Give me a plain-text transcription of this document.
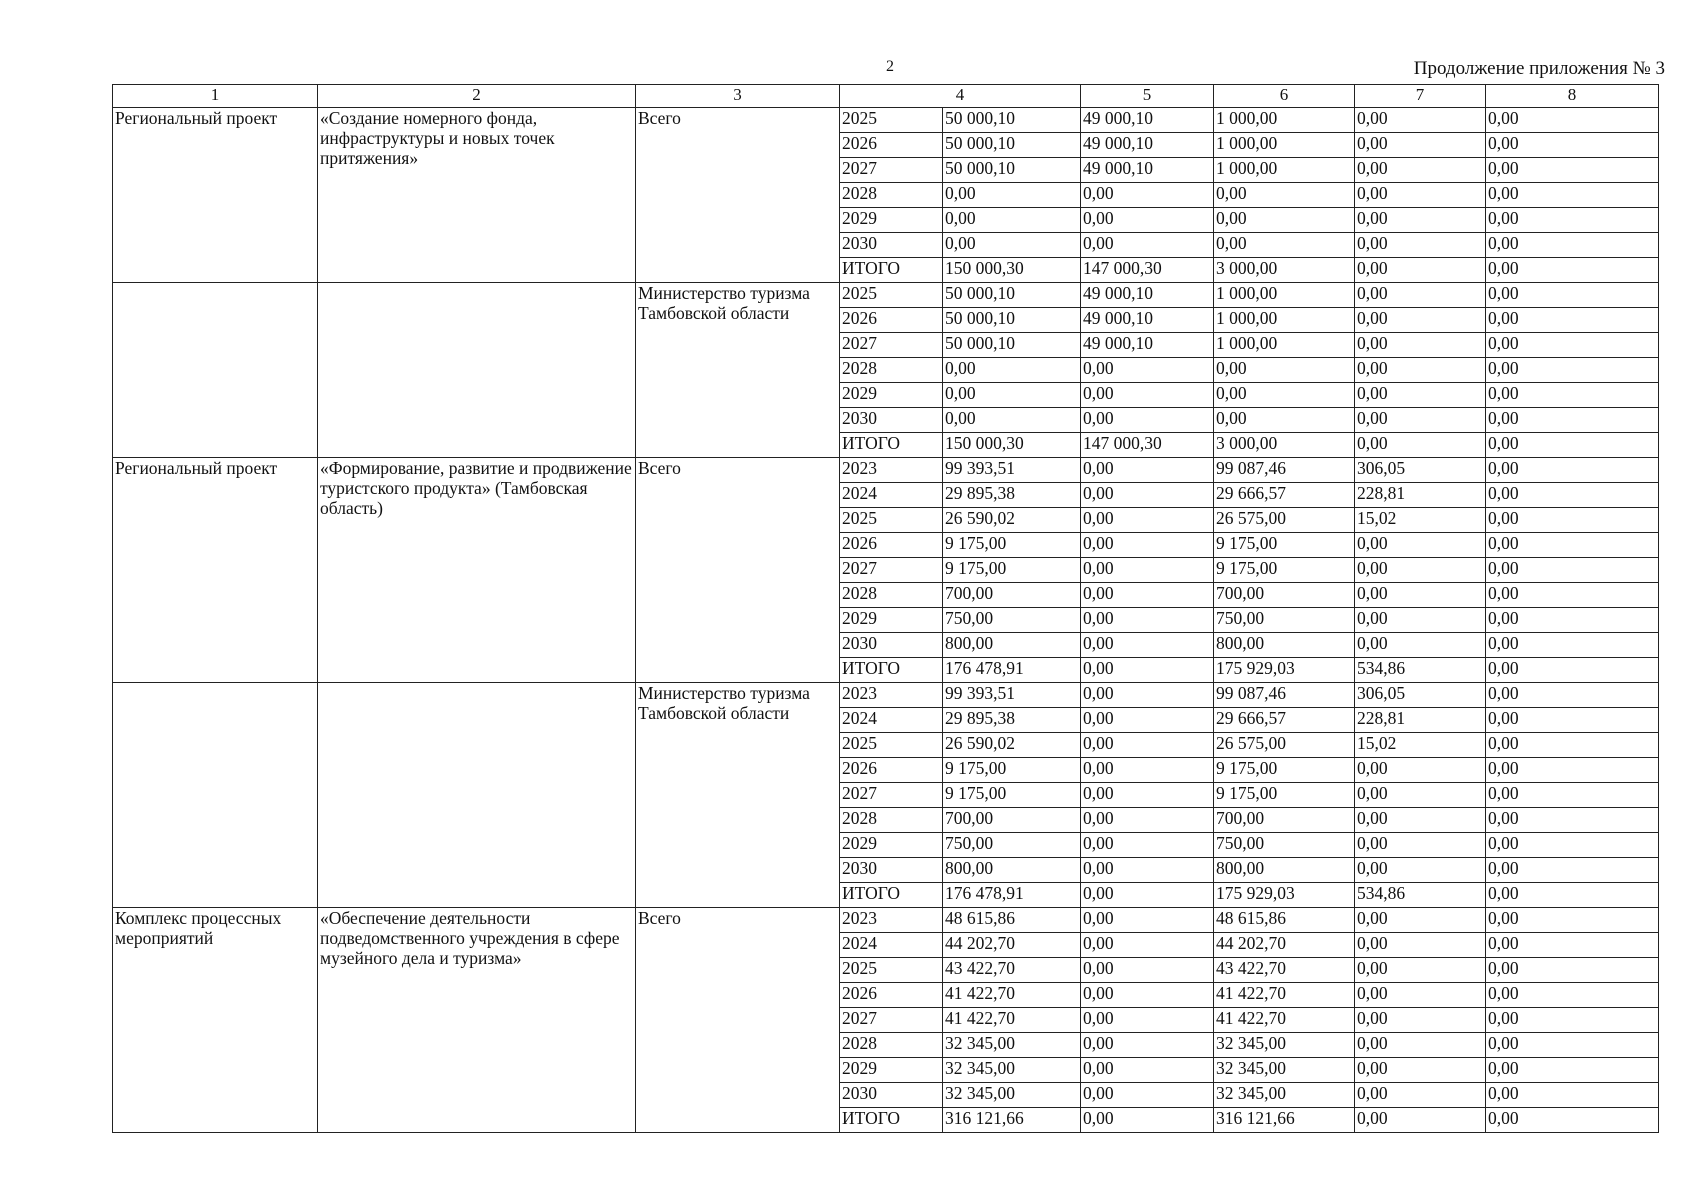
2	Продолжение приложения № 3
1	2	3	4		5	6	7	8
Региональный проект	«Создание номерного фонда, инфраструктуры и новых точек притяжения»	Всего	2025	50 000,10	49 000,10	1 000,00	0,00	0,00
			2026	50 000,10	49 000,10	1 000,00	0,00	0,00
			2027	50 000,10	49 000,10	1 000,00	0,00	0,00
			2028	0,00	0,00	0,00	0,00	0,00
			2029	0,00	0,00	0,00	0,00	0,00
			2030	0,00	0,00	0,00	0,00	0,00
			ИТОГО	150 000,30	147 000,30	3 000,00	0,00	0,00
		Министерство туризма Тамбовской области	2025	50 000,10	49 000,10	1 000,00	0,00	0,00
			2026	50 000,10	49 000,10	1 000,00	0,00	0,00
			2027	50 000,10	49 000,10	1 000,00	0,00	0,00
			2028	0,00	0,00	0,00	0,00	0,00
			2029	0,00	0,00	0,00	0,00	0,00
			2030	0,00	0,00	0,00	0,00	0,00
			ИТОГО	150 000,30	147 000,30	3 000,00	0,00	0,00
Региональный проект	«Формирование, развитие и продвижение туристского продукта» (Тамбовская область)	Всего	2023	99 393,51	0,00	99 087,46	306,05	0,00
			2024	29 895,38	0,00	29 666,57	228,81	0,00
			2025	26 590,02	0,00	26 575,00	15,02	0,00
			2026	9 175,00	0,00	9 175,00	0,00	0,00
			2027	9 175,00	0,00	9 175,00	0,00	0,00
			2028	700,00	0,00	700,00	0,00	0,00
			2029	750,00	0,00	750,00	0,00	0,00
			2030	800,00	0,00	800,00	0,00	0,00
			ИТОГО	176 478,91	0,00	175 929,03	534,86	0,00
		Министерство туризма Тамбовской области	2023	99 393,51	0,00	99 087,46	306,05	0,00
			2024	29 895,38	0,00	29 666,57	228,81	0,00
			2025	26 590,02	0,00	26 575,00	15,02	0,00
			2026	9 175,00	0,00	9 175,00	0,00	0,00
			2027	9 175,00	0,00	9 175,00	0,00	0,00
			2028	700,00	0,00	700,00	0,00	0,00
			2029	750,00	0,00	750,00	0,00	0,00
			2030	800,00	0,00	800,00	0,00	0,00
			ИТОГО	176 478,91	0,00	175 929,03	534,86	0,00
Комплекс процессных мероприятий	«Обеспечение деятельности подведомственного учреждения в сфере музейного дела и туризма»	Всего	2023	48 615,86	0,00	48 615,86	0,00	0,00
			2024	44 202,70	0,00	44 202,70	0,00	0,00
			2025	43 422,70	0,00	43 422,70	0,00	0,00
			2026	41 422,70	0,00	41 422,70	0,00	0,00
			2027	41 422,70	0,00	41 422,70	0,00	0,00
			2028	32 345,00	0,00	32 345,00	0,00	0,00
			2029	32 345,00	0,00	32 345,00	0,00	0,00
			2030	32 345,00	0,00	32 345,00	0,00	0,00
			ИТОГО	316 121,66	0,00	316 121,66	0,00	0,00
